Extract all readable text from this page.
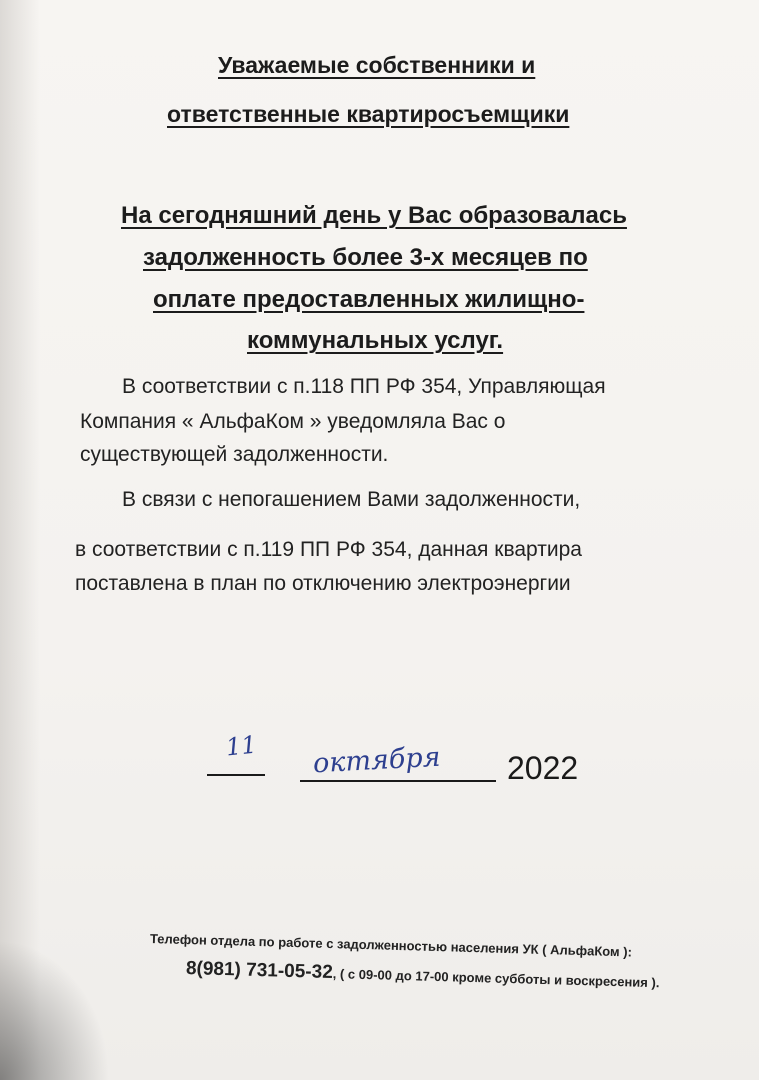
Уважаемые собственники и
ответственные квартиросъемщики
На сегодняшний день у Вас образовалась
задолженность более 3-х месяцев по
оплате предоставленных жилищно-
коммунальных услуг.
В соответствии с п.118 ПП РФ 354, Управляющая
Компания « АльфаКом » уведомляла Вас о
существующей задолженности.
В связи с непогашением Вами задолженности,
в соответствии с п.119 ПП РФ 354, данная квартира
поставлена в план по отключению электроэнергии
11 октября 2022
Телефон отдела по работе с задолженностью населения УК ( АльфаКом ):
8(981) 731-05-32, ( с 09-00 до 17-00 кроме субботы и воскресения ).
